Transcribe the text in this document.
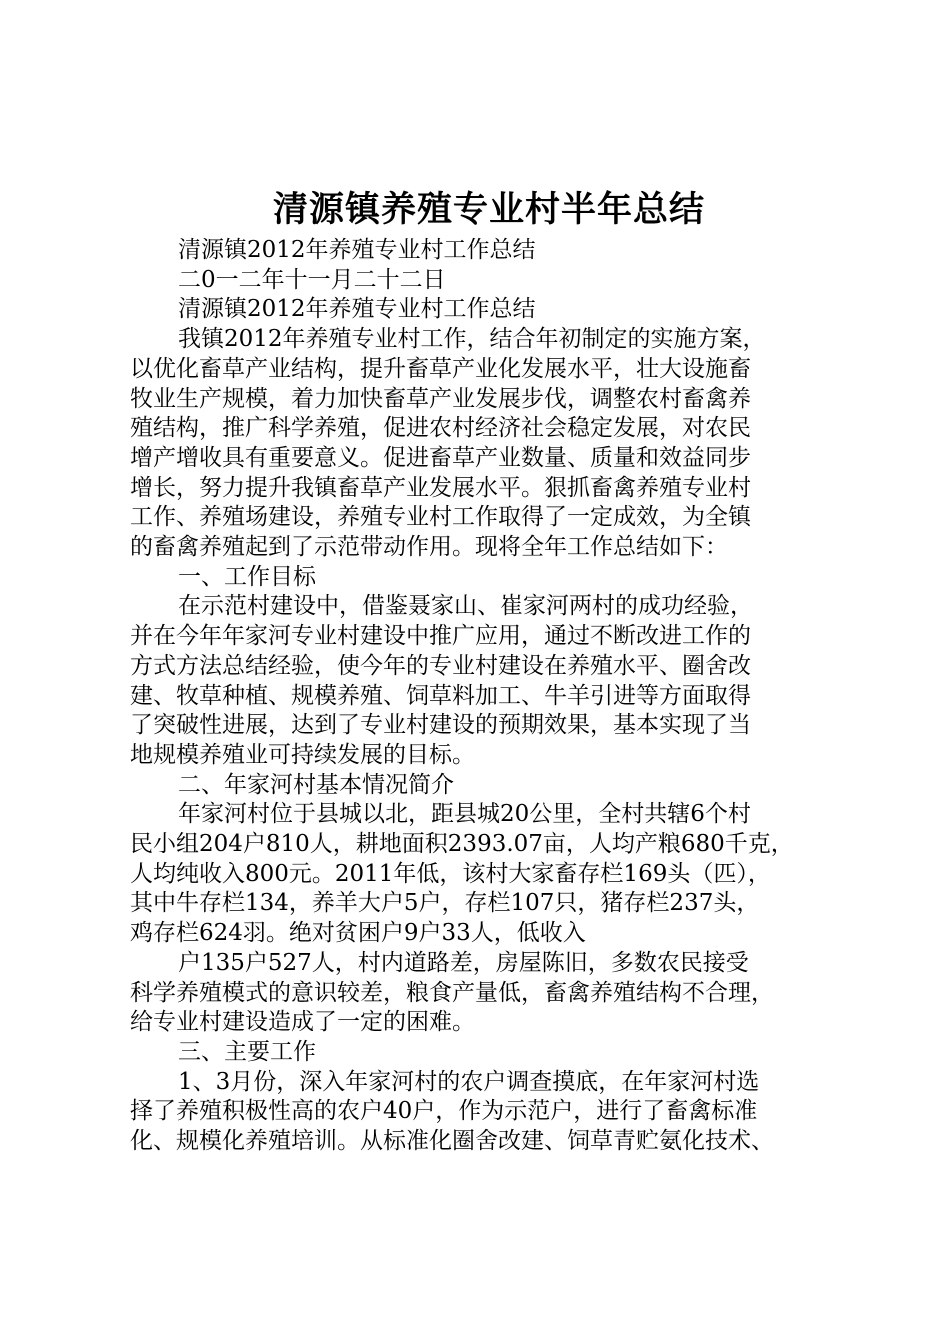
清源镇养殖专业村半年总结

清源镇2012年养殖专业村工作总结

二0一二年十一月二十二日

清源镇2012年养殖专业村工作总结

我镇2012年养殖专业村工作，结合年初制定的实施方案，

以优化畜草产业结构，提升畜草产业化发展水平，壮大设施畜

牧业生产规模，着力加快畜草产业发展步伐，调整农村畜禽养

殖结构，推广科学养殖，促进农村经济社会稳定发展，对农民

增产增收具有重要意义。促进畜草产业数量、质量和效益同步

增长，努力提升我镇畜草产业发展水平。狠抓畜禽养殖专业村

工作、养殖场建设，养殖专业村工作取得了一定成效，为全镇

的畜禽养殖起到了示范带动作用。现将全年工作总结如下：

一、工作目标

在示范村建设中，借鉴聂家山、崔家河两村的成功经验，

并在今年年家河专业村建设中推广应用，通过不断改进工作的

方式方法总结经验，使今年的专业村建设在养殖水平、圈舍改

建、牧草种植、规模养殖、饲草料加工、牛羊引进等方面取得

了突破性进展，达到了专业村建设的预期效果，基本实现了当

地规模养殖业可持续发展的目标。

二、年家河村基本情况简介

年家河村位于县城以北，距县城20公里，全村共辖6个村

民小组204户810人，耕地面积2393.07亩，人均产粮680千克，

人均纯收入800元。2011年低，该村大家畜存栏169头（匹），

其中牛存栏134，养羊大户5户，存栏107只，猪存栏237头，

鸡存栏624羽。绝对贫困户9户33人，低收入

户135户527人，村内道路差，房屋陈旧，多数农民接受

科学养殖模式的意识较差，粮食产量低，畜禽养殖结构不合理，

给专业村建设造成了一定的困难。

三、主要工作

1、3月份，深入年家河村的农户调查摸底，在年家河村选

择了养殖积极性高的农户40户，作为示范户，进行了畜禽标准

化、规模化养殖培训。从标准化圈舍改建、饲草青贮氨化技术、
